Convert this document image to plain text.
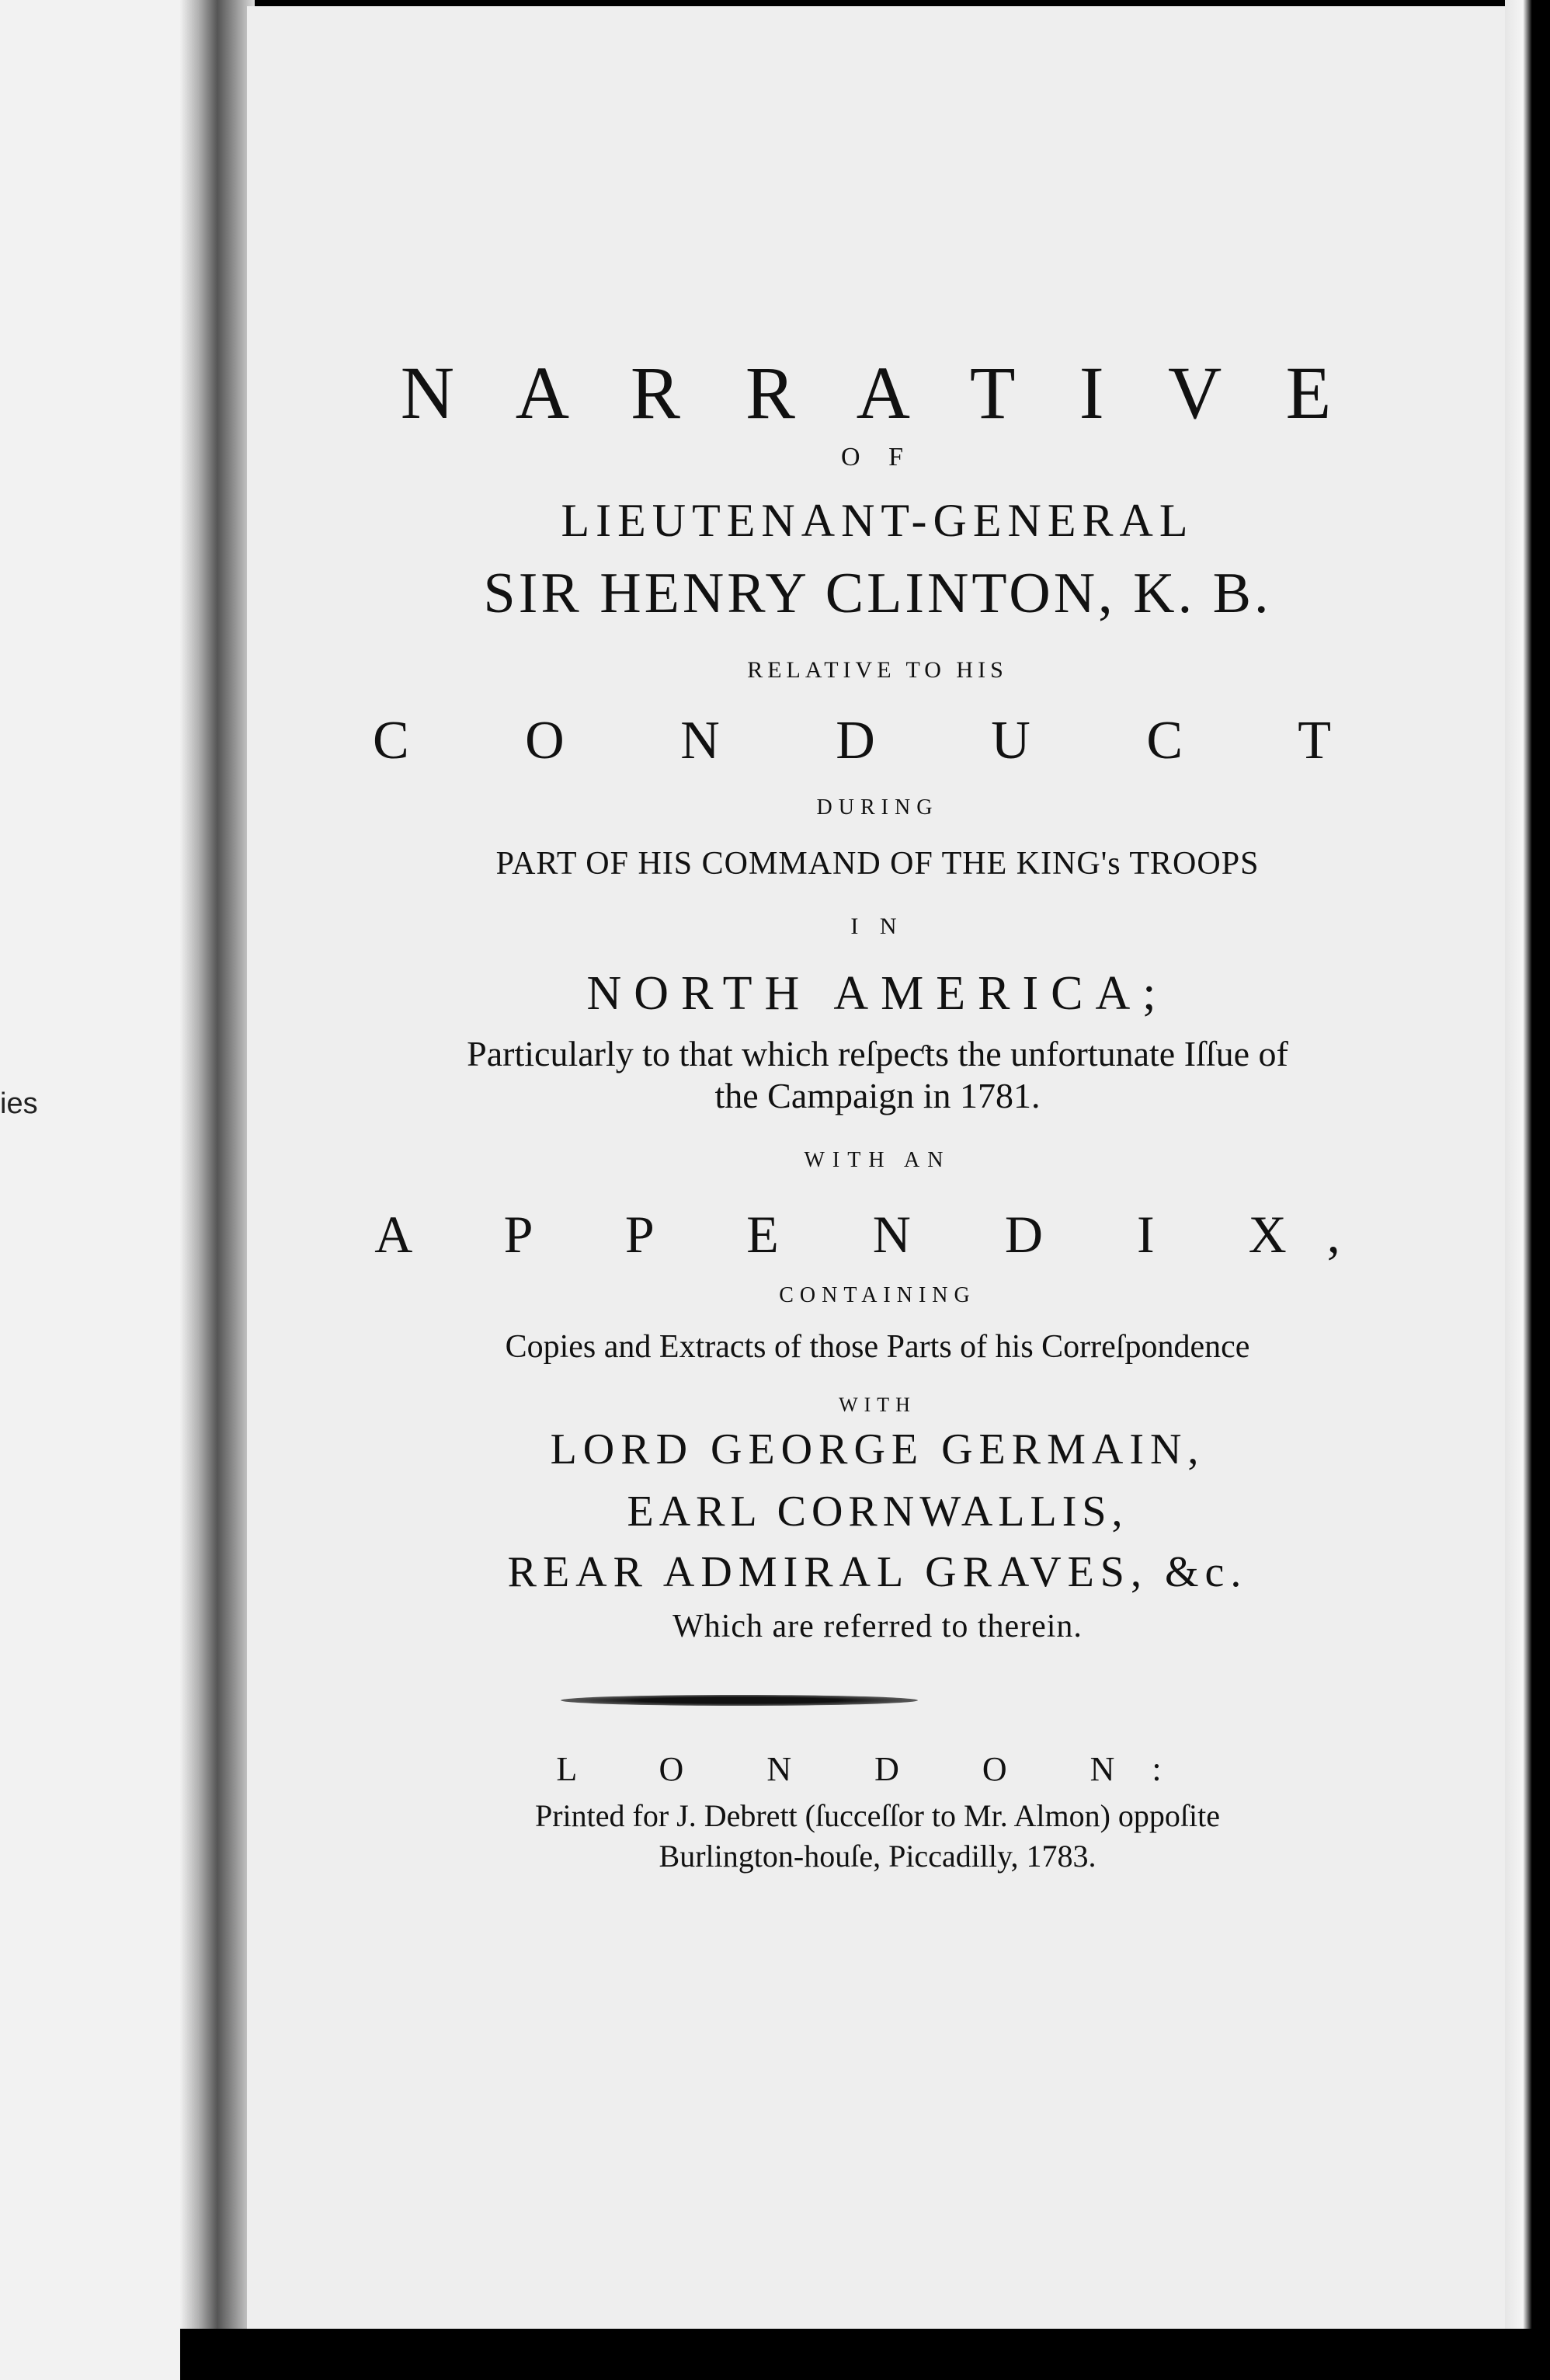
ies
N A R R A T I V E
O F
LIEUTENANT-GENERAL
SIR HENRY CLINTON, K. B.
RELATIVE TO HIS
C O N D U C T
DURING
PART OF HIS COMMAND OF THE KING's TROOPS
I N
NORTH AMERICA;
Particularly to that which reſpeƈts the unfortunate Iſſue of
the Campaign in 1781.
WITH AN
A P P E N D I X,
CONTAINING
Copies and Extracts of those Parts of his Correſpondence
WITH
LORD GEORGE GERMAIN,
EARL CORNWALLIS,
REAR ADMIRAL GRAVES, &c.
Which are referred to therein.
L O N D O N:
Printed for J. Debrett (ſucceſſor to Mr. Almon) oppoſite
Burlington-houſe, Piccadilly, 1783.
